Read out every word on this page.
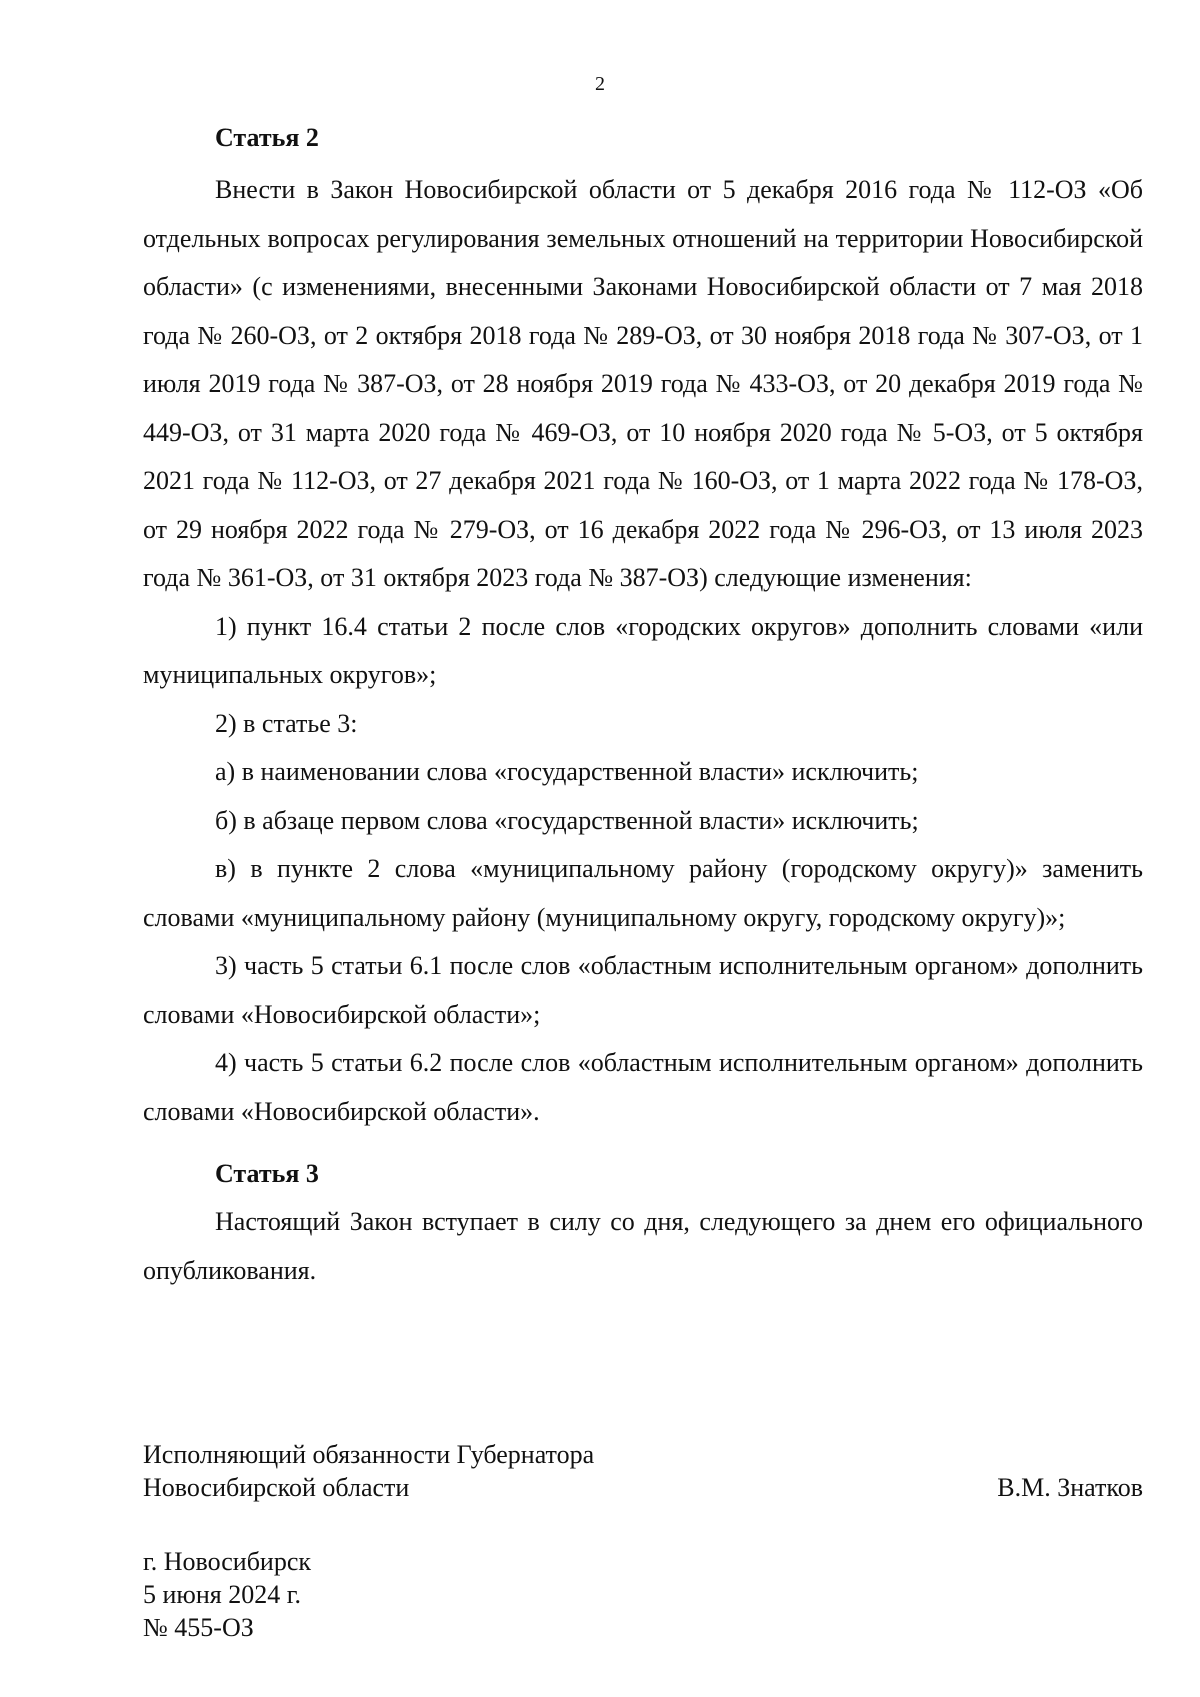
2

Статья 2

Внести в Закон Новосибирской области от 5 декабря 2016 года № 112-ОЗ «Об отдельных вопросах регулирования земельных отношений на территории Новосибирской области» (с изменениями, внесенными Законами Новосибирской области от 7 мая 2018 года № 260-ОЗ, от 2 октября 2018 года № 289-ОЗ, от 30 ноября 2018 года № 307-ОЗ, от 1 июля 2019 года № 387-ОЗ, от 28 ноября 2019 года № 433-ОЗ, от 20 декабря 2019 года № 449-ОЗ, от 31 марта 2020 года № 469-ОЗ, от 10 ноября 2020 года № 5-ОЗ, от 5 октября 2021 года № 112-ОЗ, от 27 декабря 2021 года № 160-ОЗ, от 1 марта 2022 года № 178-ОЗ, от 29 ноября 2022 года № 279-ОЗ, от 16 декабря 2022 года № 296-ОЗ, от 13 июля 2023 года № 361-ОЗ, от 31 октября 2023 года № 387-ОЗ) следующие изменения:

1) пункт 16.4 статьи 2 после слов «городских округов» дополнить словами «или муниципальных округов»;

2) в статье 3:

а) в наименовании слова «государственной власти» исключить;

б) в абзаце первом слова «государственной власти» исключить;

в) в пункте 2 слова «муниципальному району (городскому округу)» заменить словами «муниципальному району (муниципальному округу, городскому округу)»;

3) часть 5 статьи 6.1 после слов «областным исполнительным органом» дополнить словами «Новосибирской области»;

4) часть 5 статьи 6.2 после слов «областным исполнительным органом» дополнить словами «Новосибирской области».

Статья 3

Настоящий Закон вступает в силу со дня, следующего за днем его официального опубликования.

Исполняющий обязанности Губернатора
Новосибирской области	В.М. Знатков
г. Новосибирск
5 июня 2024 г.
№ 455-ОЗ
